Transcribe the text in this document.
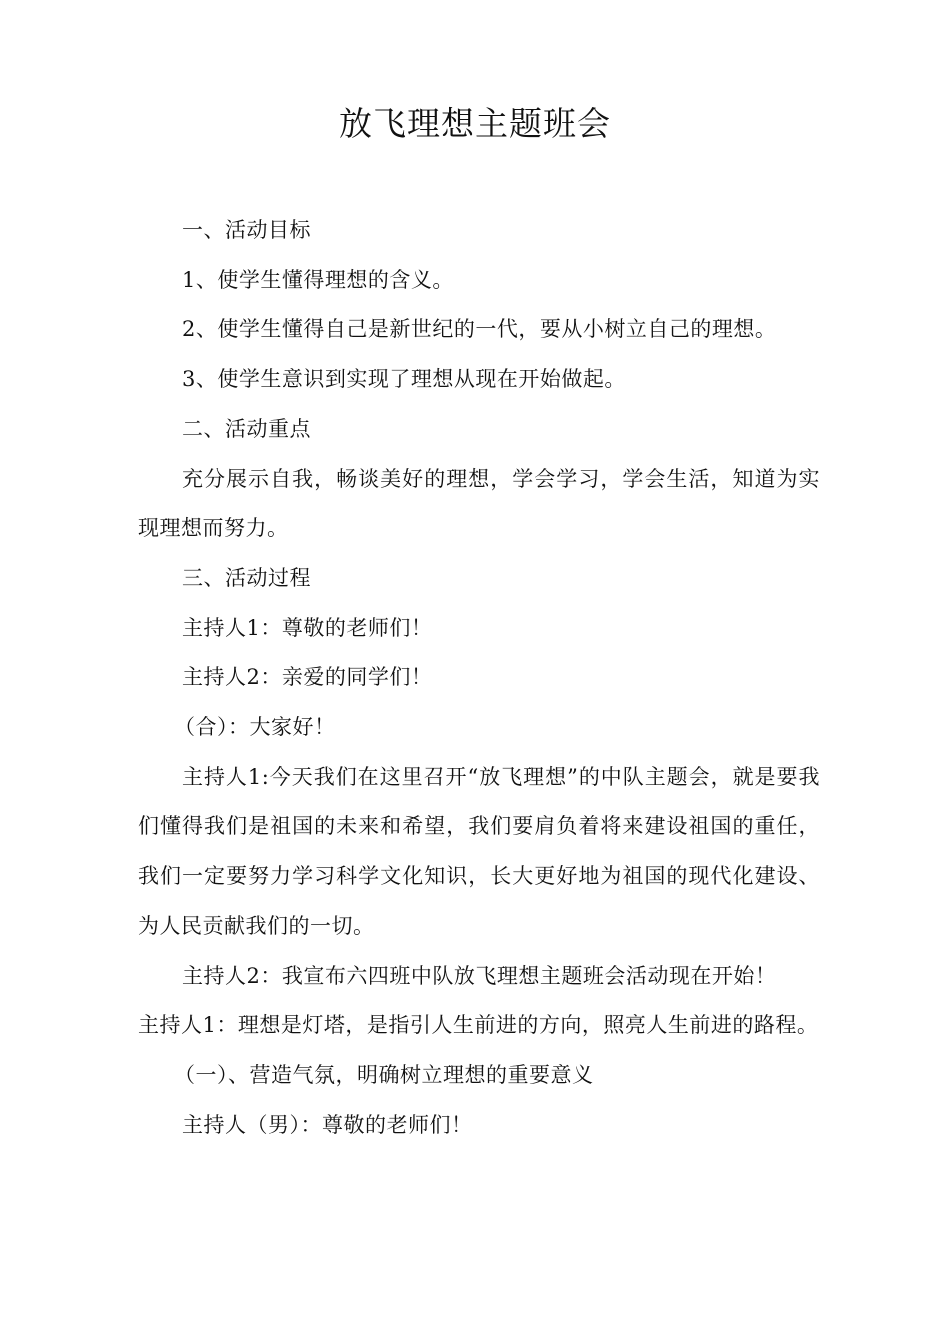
放飞理想主题班会

一、活动目标

1、使学生懂得理想的含义。

2、使学生懂得自己是新世纪的一代，要从小树立自己的理想。

3、使学生意识到实现了理想从现在开始做起。

二、活动重点

充分展示自我，畅谈美好的理想，学会学习，学会生活，知道为实现理想而努力。

三、活动过程

主持人1：尊敬的老师们！

主持人2：亲爱的同学们！

（合）：大家好！

主持人1:今天我们在这里召开“放飞理想”的中队主题会，就是要我们懂得我们是祖国的未来和希望，我们要肩负着将来建设祖国的重任，我们一定要努力学习科学文化知识，长大更好地为祖国的现代化建设、为人民贡献我们的一切。

主持人2：我宣布六四班中队放飞理想主题班会活动现在开始！

主持人1：理想是灯塔，是指引人生前进的方向，照亮人生前进的路程。

（一）、营造气氛，明确树立理想的重要意义

主持人（男）：尊敬的老师们！
